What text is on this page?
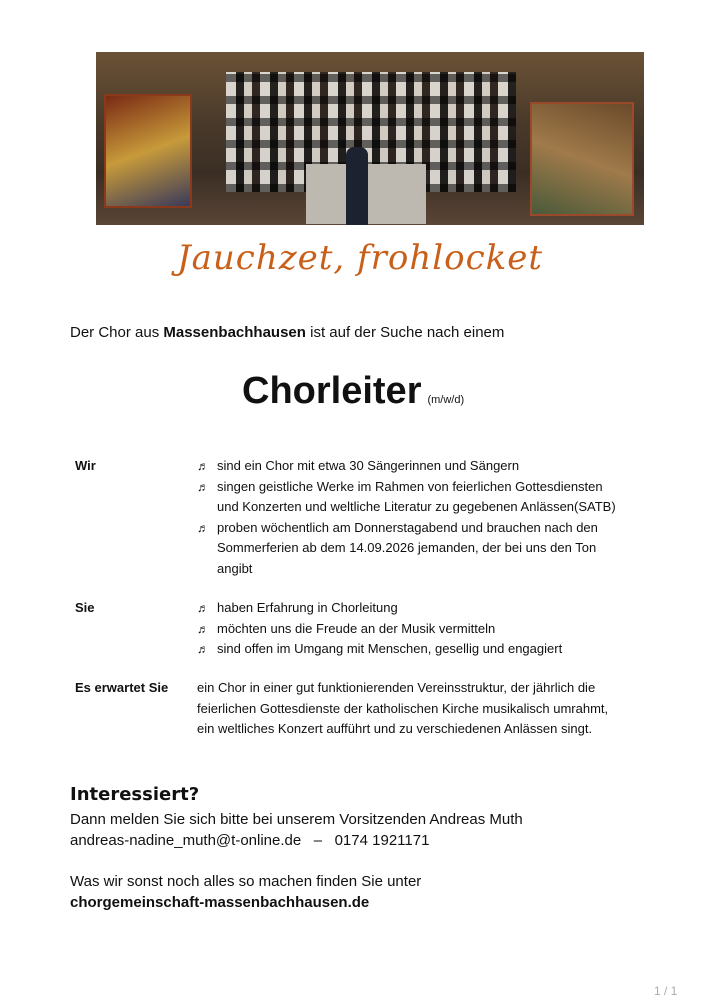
Jauchzet, frohlocket
Der Chor aus Massenbachhausen ist auf der Suche nach einem
Chorleiter (m/w/d)
Wir	♬ sind ein Chor mit etwa 30 Sängerinnen und Sängern
♬ singen geistliche Werke im Rahmen von feierlichen Gottesdiensten und Konzerten und weltliche Literatur zu gegebenen Anlässen(SATB)
♬ proben wöchentlich am Donnerstagabend und brauchen nach den Sommerferien ab dem 14.09.2026 jemanden, der bei uns den Ton angibt
Sie	♬ haben Erfahrung in Chorleitung
♬ möchten uns die Freude an der Musik vermitteln
♬ sind offen im Umgang mit Menschen, gesellig und engagiert
Es erwartet Sie	ein Chor in einer gut funktionierenden Vereinsstruktur, der jährlich die feierlichen Gottesdienste der katholischen Kirche musikalisch umrahmt, ein weltliches Konzert aufführt und zu verschiedenen Anlässen singt.
Interessiert?
Dann melden Sie sich bitte bei unserem Vorsitzenden Andreas Muth
andreas-nadine_muth@t-online.de – 0174 1921171
Was wir sonst noch alles so machen finden Sie unter
chorgemeinschaft-massenbachhausen.de
1 / 1
